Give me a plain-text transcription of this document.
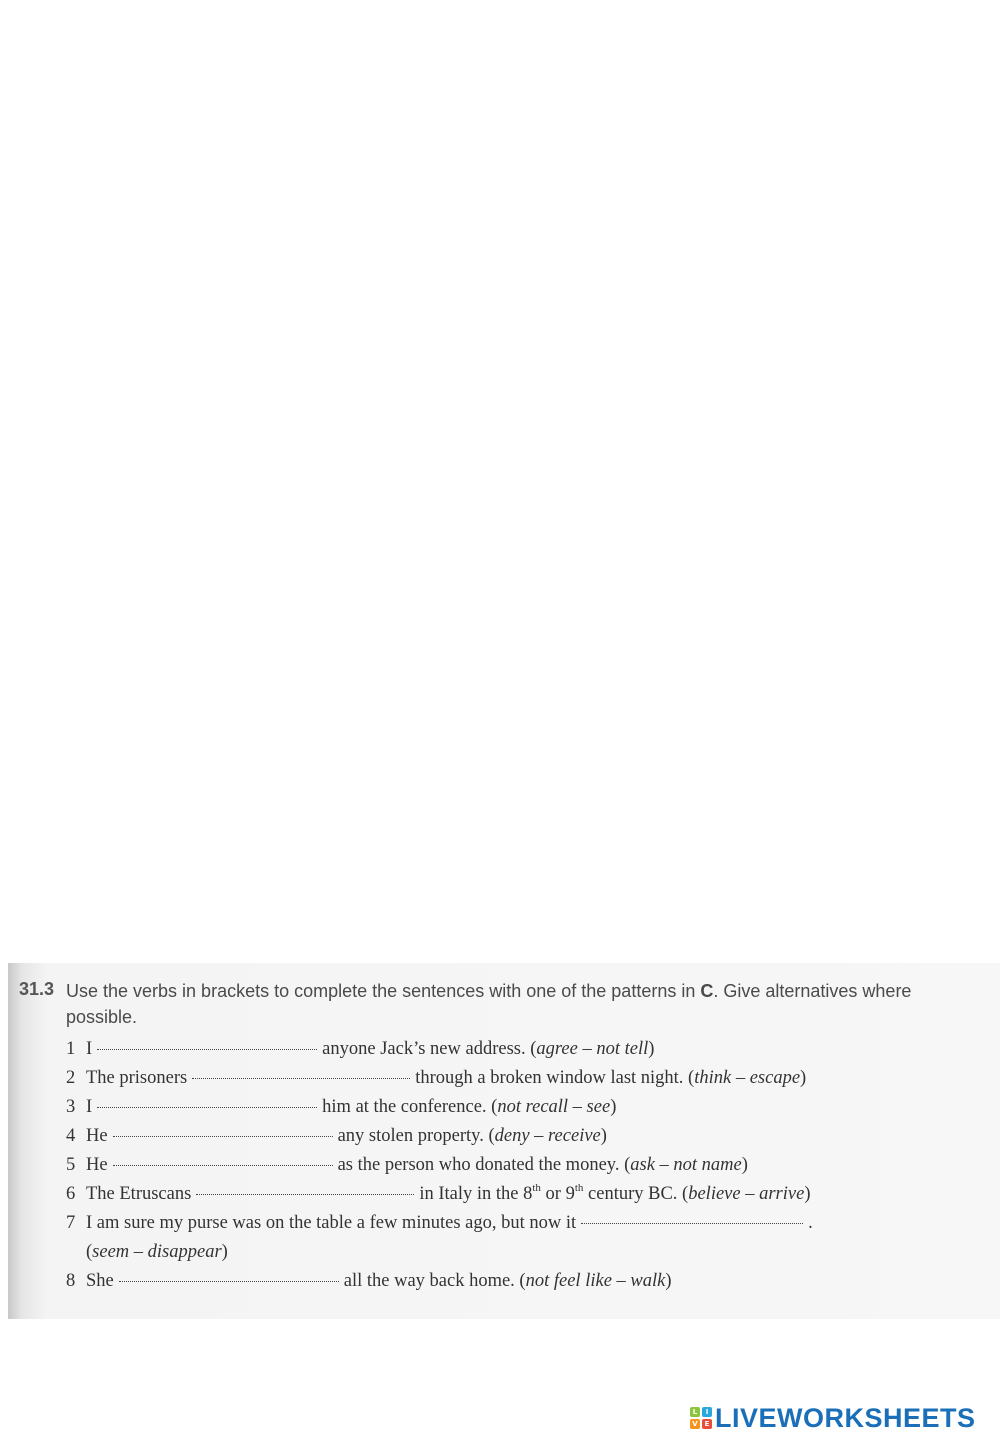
31.3 Use the verbs in brackets to complete the sentences with one of the patterns in C. Give alternatives where possible.
1 I	anyone Jack’s new address. (agree – not tell)
2 The prisoners	through a broken window last night. (think – escape)
3 I	him at the conference. (not recall – see)
4 He	any stolen property. (deny – receive)
5 He	as the person who donated the money. (ask – not name)
6 The Etruscans	in Italy in the 8th or 9th century BC. (believe – arrive)
7 I am sure my purse was on the table a few minutes ago, but now it	.
(seem – disappear)
8 She	all the way back home. (not feel like – walk)
L	I
V E LIVEWORKSHEETS
